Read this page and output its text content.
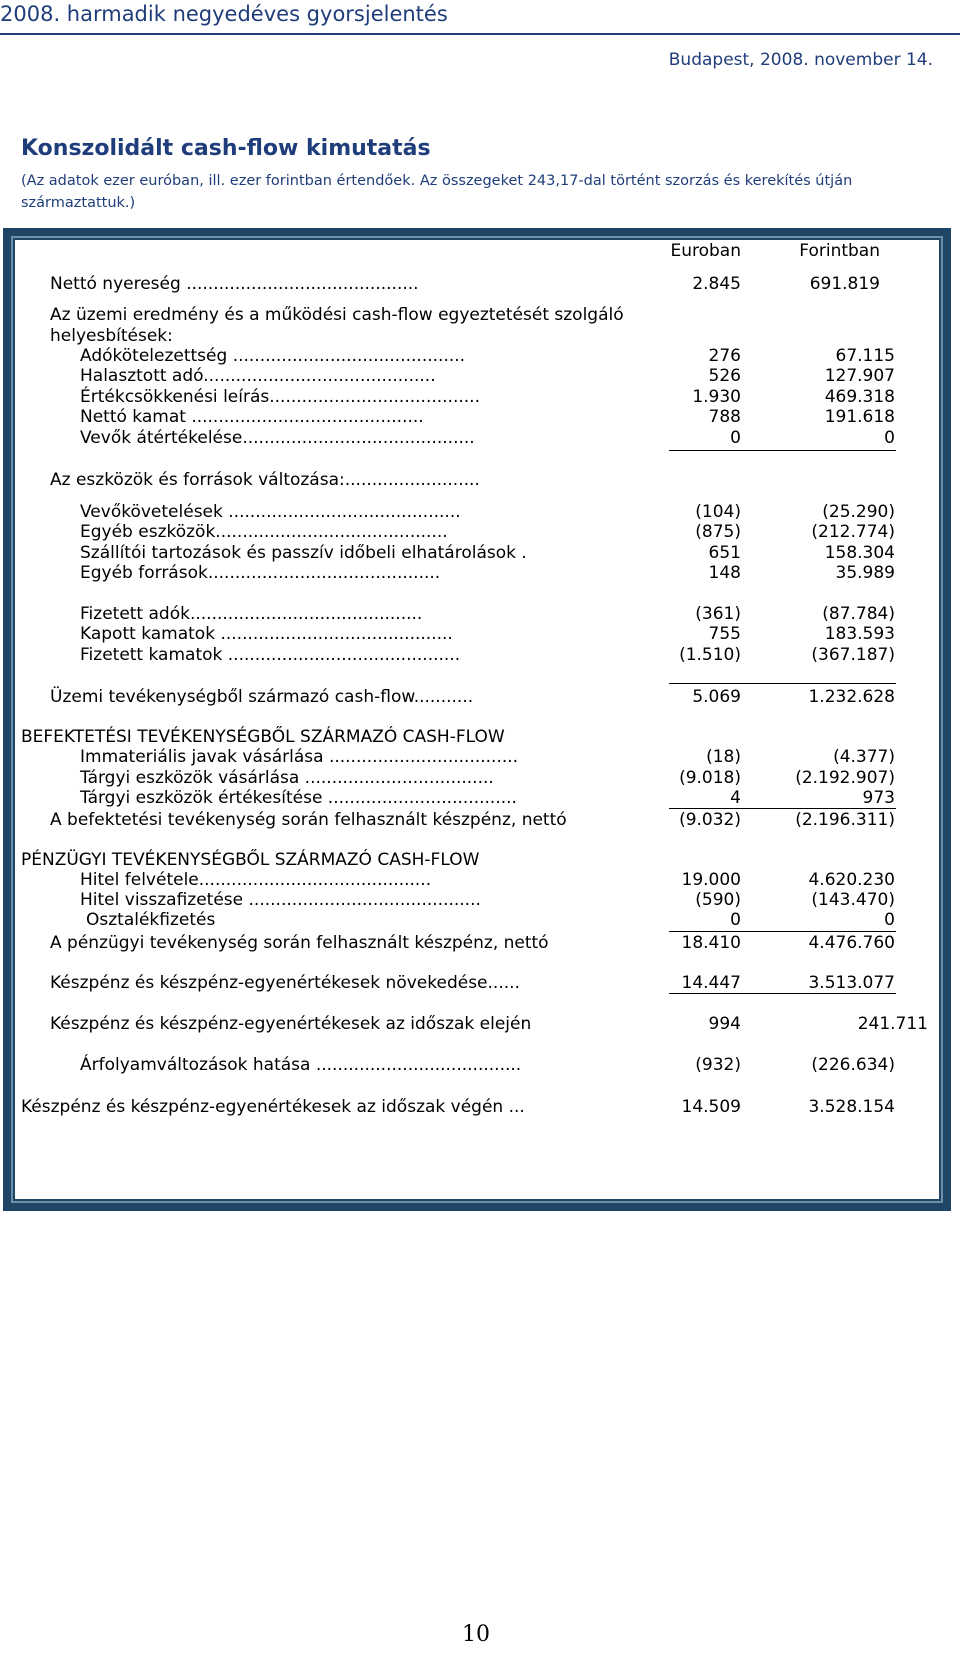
2008. harmadik negyedéves gyorsjelentés
Budapest, 2008. november 14.
Konszolidált cash-flow kimutatás
(Az adatok ezer euróban, ill. ezer forintban értendőek. Az összegeket 243,17-dal történt szorzás és kerekítés útján származtattuk.)
Euroban	Forintban
Nettó nyereség ...........................................	2.845	691.819
Az üzemi eredmény és a működési cash-flow egyeztetését szolgáló
helyesbítések:
Adókötelezettség ...........................................	276	67.115
Halasztott adó...........................................	526	127.907
Értékcsökkenési leírás.......................................	1.930	469.318
Nettó kamat ...........................................	788	191.618
Vevők átértékelése...........................................	0	0
Az eszközök és források változása:.........................
Vevőkövetelések ...........................................	(104)	(25.290)
Egyéb eszközök...........................................	(875)	(212.774)
Szállítói tartozások és passzív időbeli elhatárolások .	651	158.304
Egyéb források...........................................	148	35.989
Fizetett adók...........................................	(361)	(87.784)
Kapott kamatok ...........................................	755	183.593
Fizetett kamatok ...........................................	(1.510)	(367.187)
Üzemi tevékenységből származó cash-flow...........	5.069	1.232.628
BEFEKTETÉSI TEVÉKENYSÉGBŐL SZÁRMAZÓ CASH-FLOW
Immateriális javak vásárlása ...................................	(18)	(4.377)
Tárgyi eszközök vásárlása ...................................	(9.018)	(2.192.907)
Tárgyi eszközök értékesítése ...................................	4	973
A befektetési tevékenység során felhasznált készpénz, nettó	(9.032)	(2.196.311)
PÉNZÜGYI TEVÉKENYSÉGBŐL SZÁRMAZÓ CASH-FLOW
Hitel felvétele...........................................	19.000	4.620.230
Hitel visszafizetése ...........................................	(590)	(143.470)
Osztalékfizetés	0	0
A pénzügyi tevékenység során felhasznált készpénz, nettó	18.410	4.476.760
Készpénz és készpénz-egyenértékesek növekedése......	14.447	3.513.077
Készpénz és készpénz-egyenértékesek az időszak elején	994	241.711
Árfolyamváltozások hatása ......................................	(932)	(226.634)
Készpénz és készpénz-egyenértékesek az időszak végén ...	14.509	3.528.154
10
